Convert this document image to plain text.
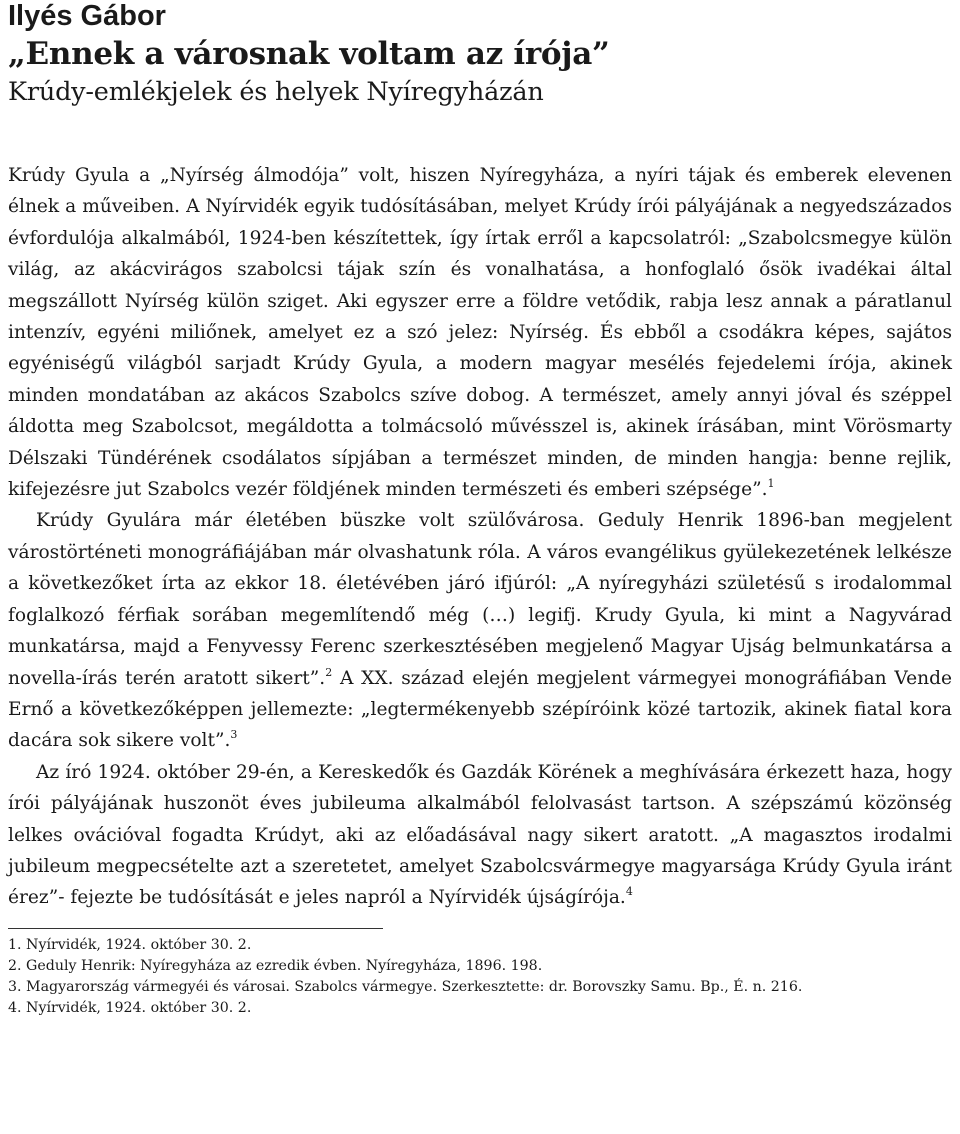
Ilyés Gábor
„Ennek a városnak voltam az írója”
Krúdy-emlékjelek és helyek Nyíregyházán

Krúdy Gyula a „Nyírség álmodója” volt, hiszen Nyíregyháza, a nyíri tájak és emberek elevenen élnek a műveiben. A Nyírvidék egyik tudósításában, melyet Krúdy írói pályájának a negyedszázados évfordulója alkalmából, 1924-ben készítettek, így írtak erről a kapcsolatról: „Szabolcsmegye külön világ, az akácvirágos szabolcsi tájak szín és vonalhatása, a honfoglaló ősök ivadékai által megszállott Nyírség külön sziget. Aki egyszer erre a földre vetődik, rabja lesz annak a páratlanul intenzív, egyéni miliőnek, amelyet ez a szó jelez: Nyírség. És ebből a csodákra képes, sajátos egyéniségű világból sarjadt Krúdy Gyula, a modern magyar mesélés fejedelemi írója, akinek minden mondatában az akácos Szabolcs szíve dobog. A természet, amely annyi jóval és széppel áldotta meg Szabolcsot, megáldotta a tolmácsoló művésszel is, akinek írásában, mint Vörösmarty Délszaki Tündérének csodálatos sípjában a természet minden, de minden hangja: benne rejlik, kifejezésre jut Szabolcs vezér földjének minden természeti és emberi szépsége”.$^1$

Krúdy Gyulára már életében büszke volt szülővárosa. Geduly Henrik 1896-ban megjelent várostörténeti monográfiájában már olvashatunk róla. A város evangélikus gyülekezetének lelkésze a következőket írta az ekkor 18. életévében járó ifjúról: „A nyíregyházi születésű s irodalommal foglalkozó férfiak sorában megemlítendő még (…) legifj. Krudy Gyula, ki mint a Nagyvárad munkatársa, majd a Fenyvessy Ferenc szerkesztésében megjelenő Magyar Ujság belmunkatársa a novella-írás terén aratott sikert”.$^2$ A XX. század elején megjelent vármegyei monográfiában Vende Ernő a következőképpen jellemezte: „legtermékenyebb szépíróink közé tartozik, akinek fiatal kora dacára sok sikere volt”.$^3$

Az író 1924. október 29-én, a Kereskedők és Gazdák Körének a meghívására érkezett haza, hogy írói pályájának huszonöt éves jubileuma alkalmából felolvasást tartson. A szépszámú közönség lelkes ovációval fogadta Krúdyt, aki az előadásával nagy sikert aratott. „A magasztos irodalmi jubileum megpecsételte azt a szeretetet, amelyet Szabolcsvármegye magyarsága Krúdy Gyula iránt érez”- fejezte be tudósítását e jeles napról a Nyírvidék újságírója.$^4$

1. Nyírvidék, 1924. október 30. 2.
2. Geduly Henrik: Nyíregyháza az ezredik évben. Nyíregyháza, 1896. 198.
3. Magyarország vármegyéi és városai. Szabolcs vármegye. Szerkesztette: dr. Borovszky Samu. Bp., É. n. 216.
4. Nyírvidék, 1924. október 30. 2.
